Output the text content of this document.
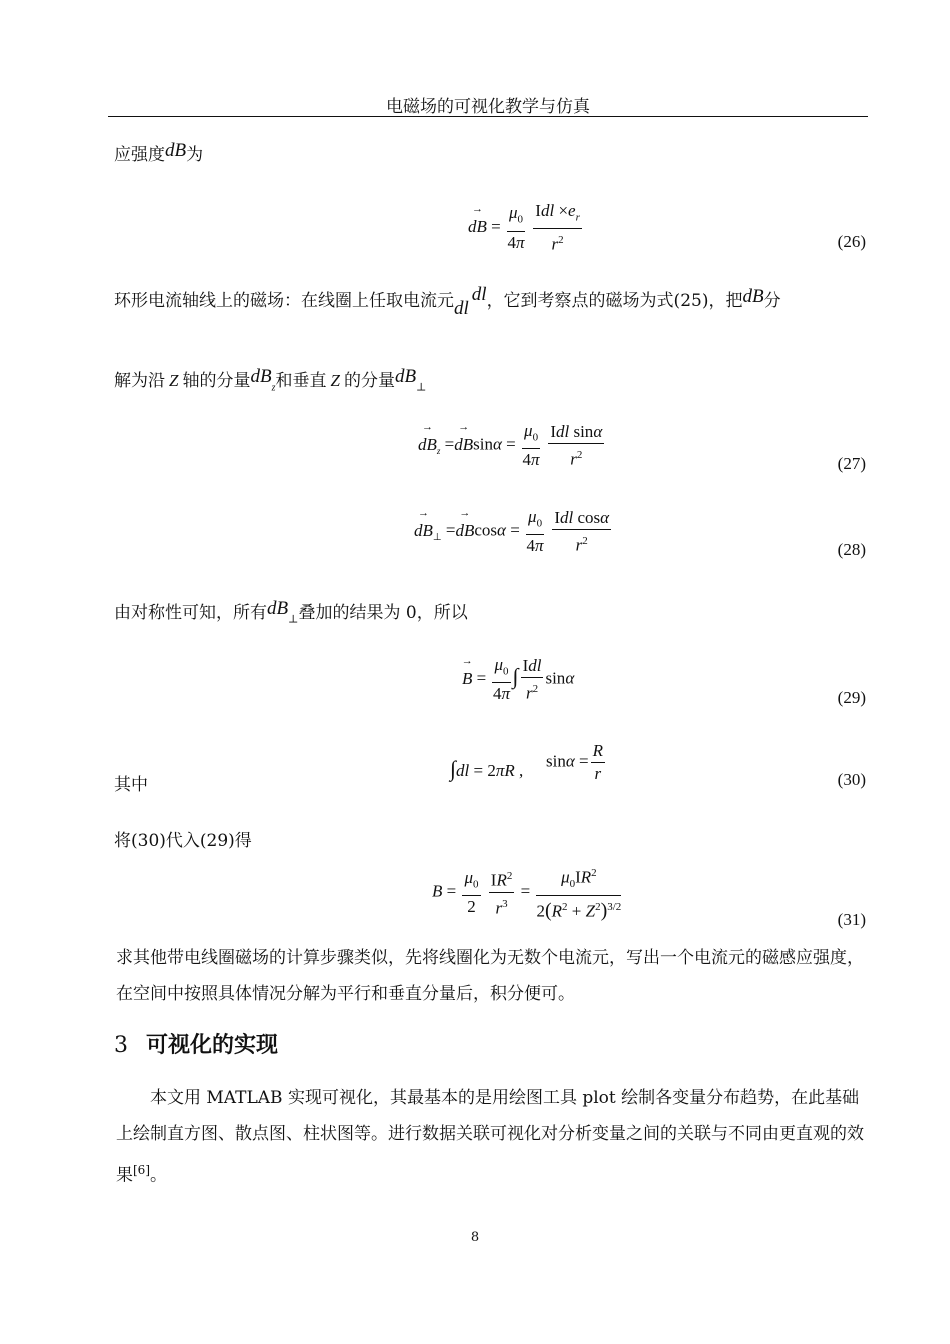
电磁场的可视化教学与仿真
应强度dB为
→ dB = $\frac{\mu_0}{4\pi}$
$\frac{Idl \times e_r}{r^2}$	(26)
环形电流轴线上的磁场：在线圈上任取电流元dldl，它到考察点的磁场为式(25)，把dB分
解为沿 Z 轴的分量$dB_z$和垂直 Z 的分量$dB_\perp$
→ $dB_z =\to dBsin\alpha = \frac{\mu_0}{4\pi}$
$\frac{\text{Idl sinα}}{r^2}$	(27)
→ $dB_\perp =\to dBcos\alpha = \frac{\mu_0}{4\pi}$
$\frac{\text{Idl cosα}}{r^2}$	(28)
由对称性可知，所有$dB_\perp$叠加的结果为 0，所以
→ $B = \frac{\mu_0}{4\pi}$ ∫ $\frac{\text{Idl}}{r^2}$ sinα
(29)
其中
∫dl = 2πR ,
$\sin\alpha = \frac{R}{r}$	(30)
将(30)代入(29)得
$B = \frac{\mu_0}{2}$
$\frac{IR^2}{r^3} = \frac{\mu_0IR^2}{2(R^2 + Z^2)^{3/2}}$	(31)
求其他带电线圈磁场的计算步骤类似，先将线圈化为无数个电流元，写出一个电流元的磁感应强度，在空间中按照具体情况分解为平行和垂直分量后，积分便可。
3 可视化的实现
本文用 MATLAB 实现可视化，其最基本的是用绘图工具 plot 绘制各变量分布趋势，在此基础上绘制直方图、散点图、柱状图等。进行数据关联可视化对分析变量之间的关联与不同由更直观的效果[6]。
8
